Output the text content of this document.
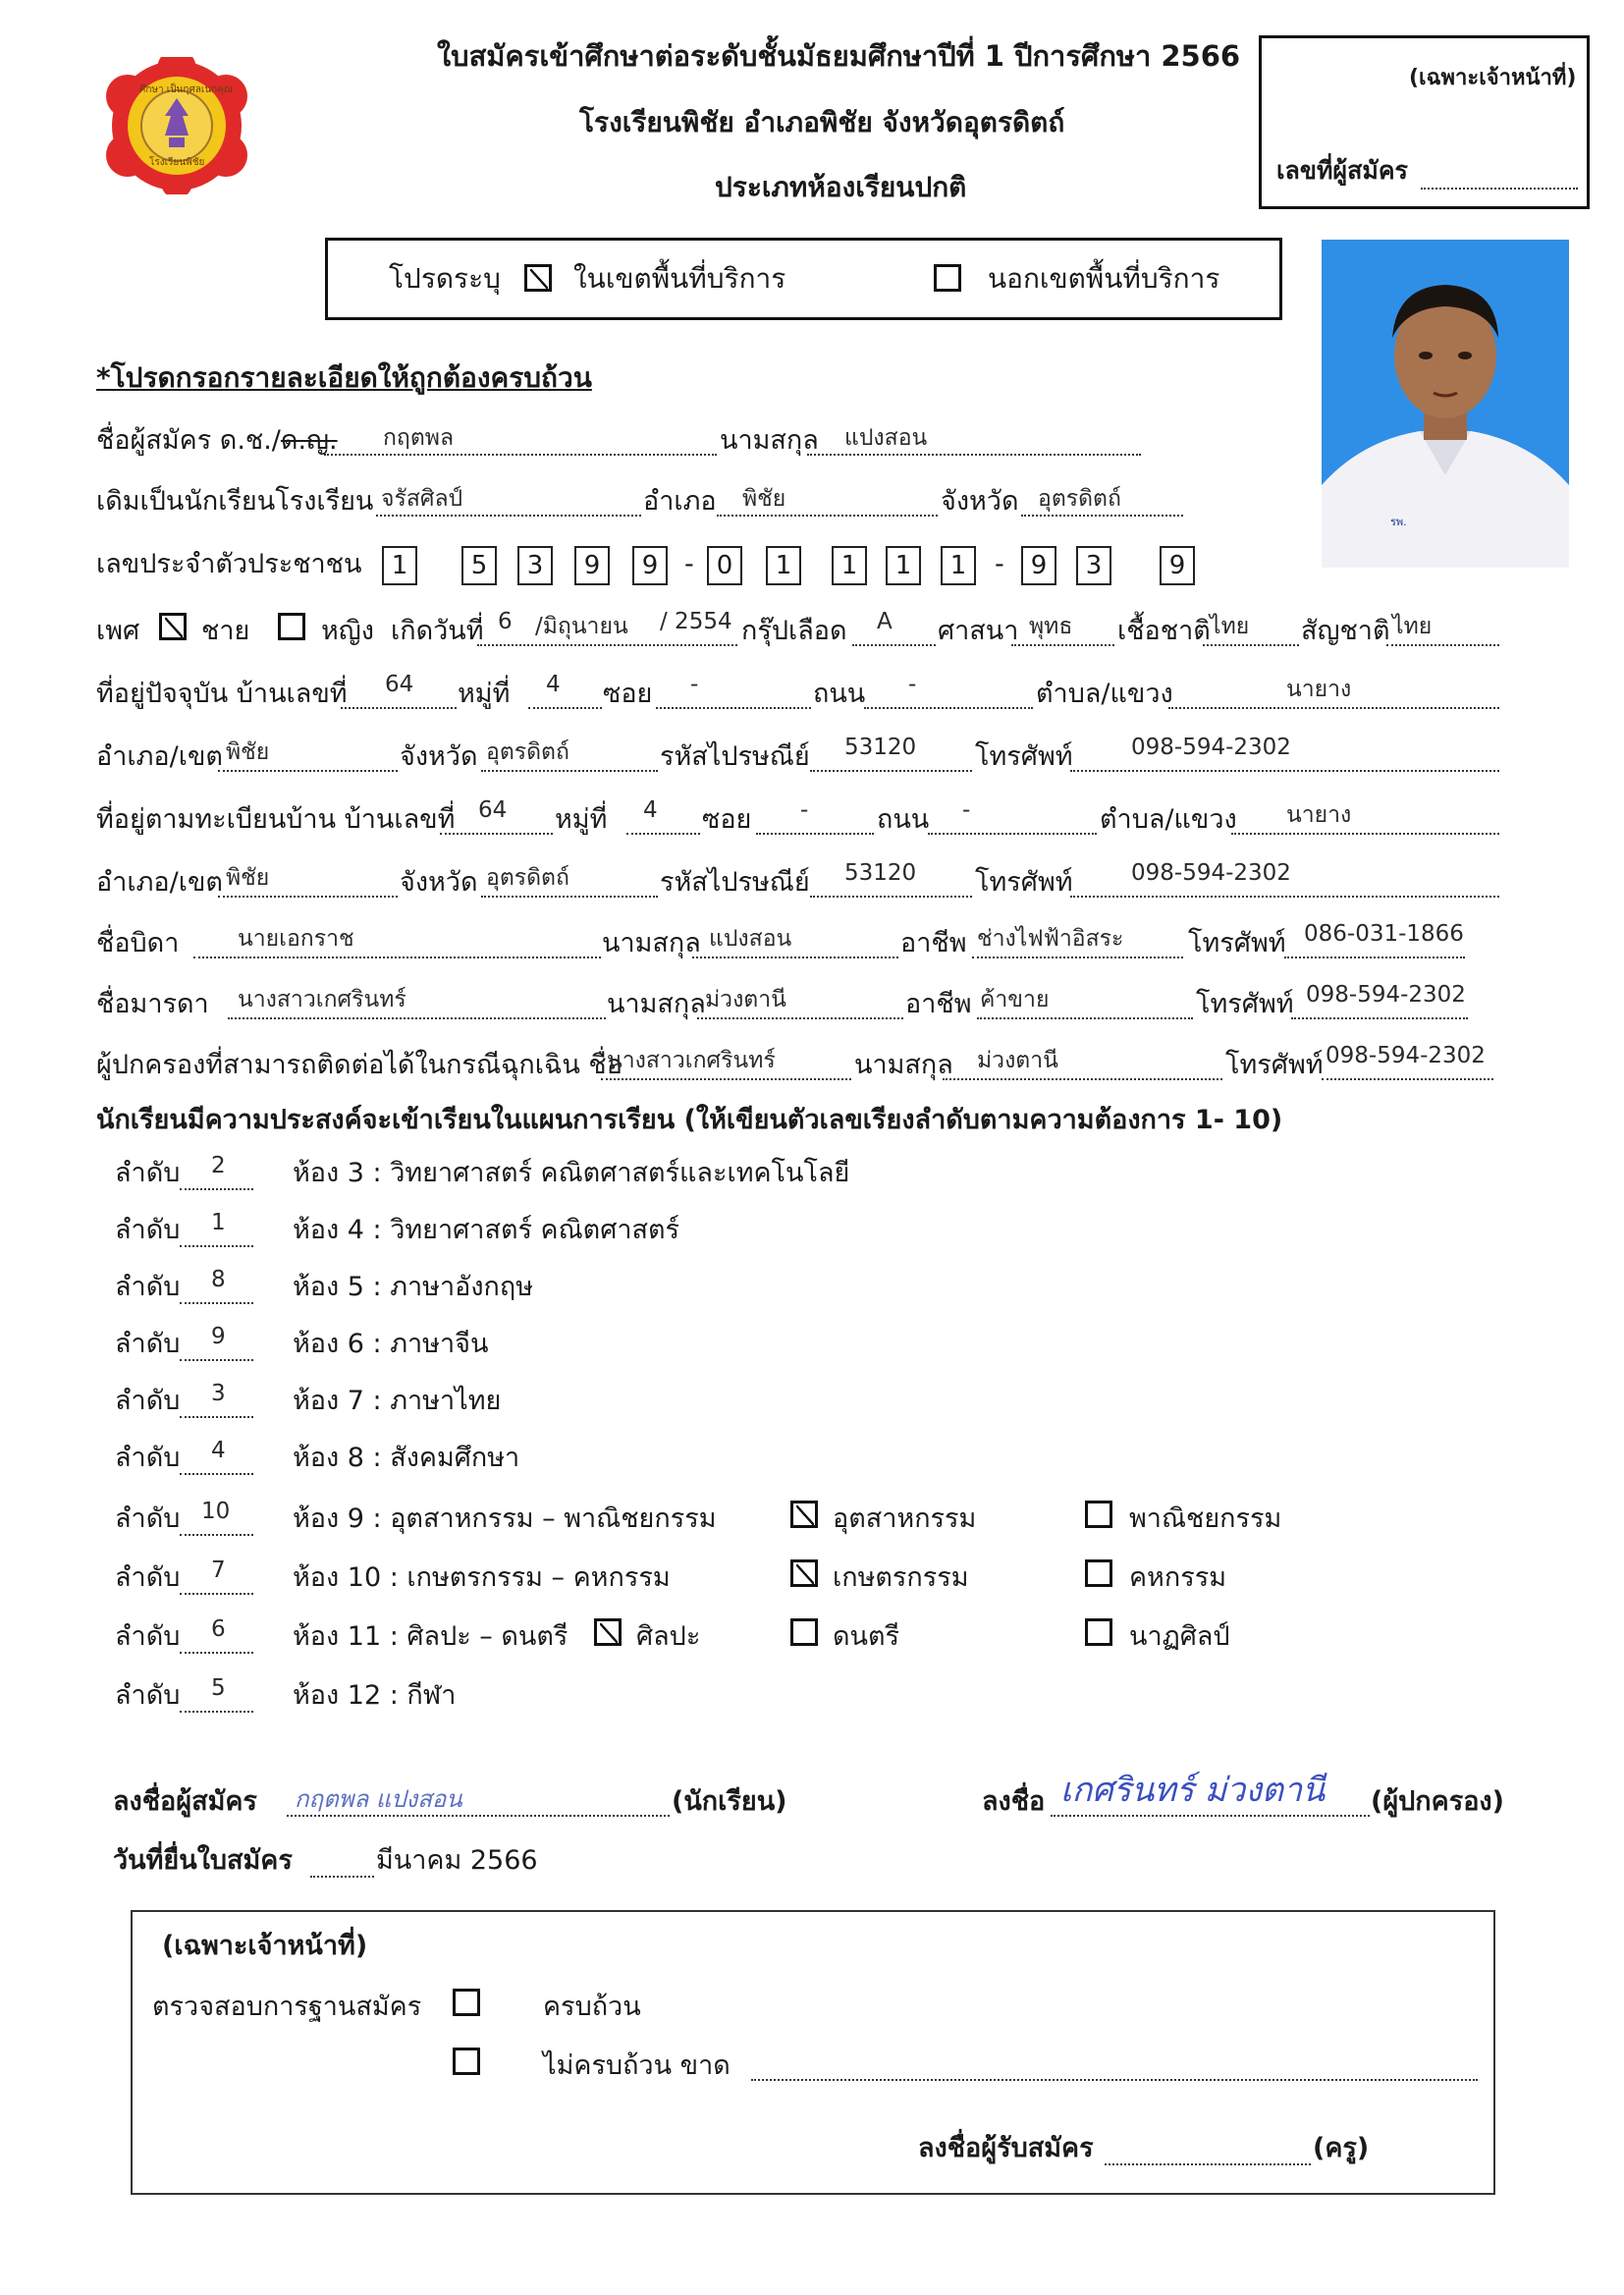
ศึกษา เป็นกุศลเนกคุณ
โรงเรียนพิชัย
ใบสมัครเข้าศึกษาต่อระดับชั้นมัธยมศึกษาปีที่ 1 ปีการศึกษา 2566
โรงเรียนพิชัย อำเภอพิชัย จังหวัดอุตรดิตถ์
ประเภทห้องเรียนปกติ
(เฉพาะเจ้าหน้าที่)
เลขที่ผู้สมัคร
โปรดระบุ	ในเขตพื้นที่บริการ	นอกเขตพื้นที่บริการ
รพ.
*โปรดกรอกรายละเอียดให้ถูกต้องครบถ้วน
ชื่อผู้สมัคร ด.ช./ด.ญ. กฤตพล	นามสกุล แปงสอน
เดิมเป็นนักเรียนโรงเรียน จรัสศิลป์	อำเภอ พิชัย	จังหวัด อุตรดิตถ์
เลขประจำตัวประชาชน	1	5	3	9	9 - 0	1	1	1	1	-	9	3	9
เพศ ชาย	หญิง เกิดวันที่ 6 /มิถุนายน / 2554 กรุ๊ปเลือด A ศาสนา พุทธ เชื้อชาติ ไทย สัญชาติ ไทย
ที่อยู่ปัจจุบัน บ้านเลขที่ 64 หมู่ที่ 4 ซอย -	ถนน -	ตำบล/แขวง	นายาง
อำเภอ/เขต พิชัย	จังหวัด อุตรดิตถ์	รหัสไปรษณีย์ 53120 โทรศัพท์	098-594-2302
ที่อยู่ตามทะเบียนบ้าน บ้านเลขที่ 64 หมู่ที่ 4 ซอย -	ถนน -	ตำบล/แขวง นายาง
อำเภอ/เขต พิชัย	จังหวัด อุตรดิตถ์	รหัสไปรษณีย์ 53120 โทรศัพท์	098-594-2302
ชื่อบิดา	นายเอกราช	นามสกุล แปงสอน	อาชีพ ช่างไฟฟ้าอิสระ โทรศัพท์ 086-031-1866
ชื่อมารดา นางสาวเกศรินทร์	นามสกุล ม่วงตานี	อาชีพ ค้าขาย	โทรศัพท์ 098-594-2302
ผู้ปกครองที่สามารถติดต่อได้ในกรณีฉุกเฉิน ชื่อ
นางสาวเกศรินทร์	นามสกุล ม่วงตานี	โทรศัพท์ 098-594-2302
นักเรียนมีความประสงค์จะเข้าเรียนในแผนการเรียน (ให้เขียนตัวเลขเรียงลำดับตามความต้องการ 1- 10)
ลำดับ 2	ห้อง 3 : วิทยาศาสตร์ คณิตศาสตร์และเทคโนโลยี
ลำดับ 1	ห้อง 4 : วิทยาศาสตร์ คณิตศาสตร์
ลำดับ 8	ห้อง 5 : ภาษาอังกฤษ
ลำดับ 9	ห้อง 6 : ภาษาจีน
ลำดับ 3	ห้อง 7 : ภาษาไทย
ลำดับ 4	ห้อง 8 : สังคมศึกษา
ลำดับ 10 ห้อง 9 : อุตสาหกรรม – พาณิชยกรรม	อุตสาหกรรม	พาณิชยกรรม
ลำดับ 7	ห้อง 10 : เกษตรกรรม – คหกรรม	เกษตรกรรม	คหกรรม
ลำดับ 6	ห้อง 11 : ศิลปะ – ดนตรี	ศิลปะ	ดนตรี	นาฏศิลป์
ลำดับ 5	ห้อง 12 : กีฬา
ลงชื่อผู้สมัคร กฤตพล แปงสอน	(นักเรียน)	ลงชื่อ เกศรินทร์ ม่วงตานี (ผู้ปกครอง)
วันที่ยื่นใบสมัคร	มีนาคม 2566
(เฉพาะเจ้าหน้าที่)
ตรวจสอบการฐานสมัคร	ครบถ้วน
ไม่ครบถ้วน ขาด
ลงชื่อผู้รับสมัคร	(ครู)
